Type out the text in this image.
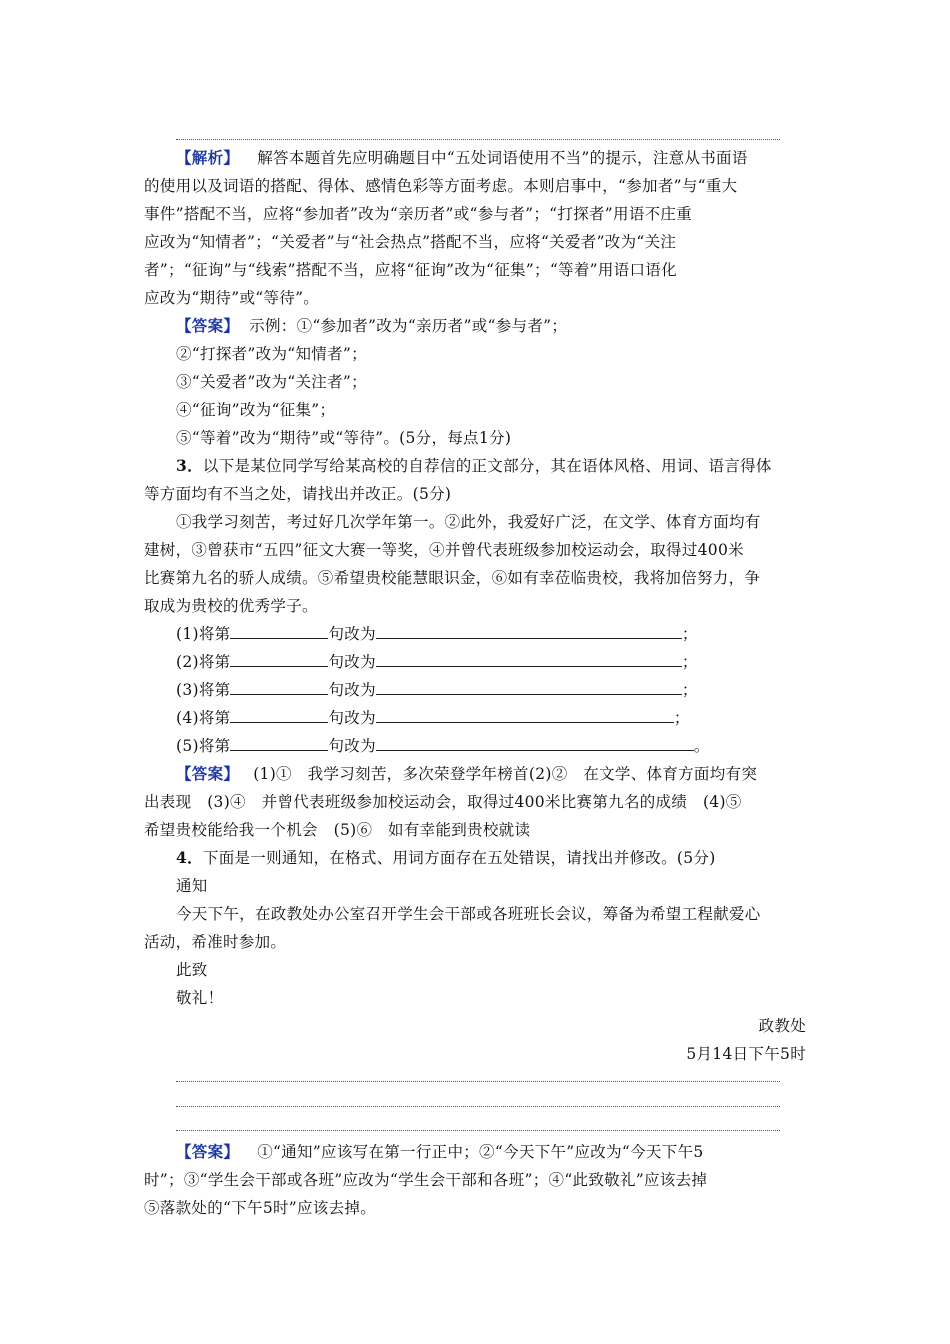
【解析】 解答本题首先应明确题目中“五处词语使用不当”的提示，注意从书面语
的使用以及词语的搭配、得体、感情色彩等方面考虑。本则启事中，“参加者”与“重大
事件”搭配不当，应将“参加者”改为“亲历者”或“参与者”；“打探者”用语不庄重
应改为“知情者”；“关爱者”与“社会热点”搭配不当，应将“关爱者”改为“关注
者”；“征询”与“线索”搭配不当，应将“征询”改为“征集”；“等着”用语口语化
应改为“期待”或“等待”。
【答案】 示例：①“参加者”改为“亲历者”或“参与者”；
②“打探者”改为“知情者”；
③“关爱者”改为“关注者”；
④“征询”改为“征集”；
⑤“等着”改为“期待”或“等待”。(5分，每点1分)
3．以下是某位同学写给某高校的自荐信的正文部分，其在语体风格、用词、语言得体
等方面均有不当之处，请找出并改正。(5分)
①我学习刻苦，考过好几次学年第一。②此外，我爱好广泛，在文学、体育方面均有
建树，③曾获市“五四”征文大赛一等奖，④并曾代表班级参加校运动会，取得过400米
比赛第九名的骄人成绩。⑤希望贵校能慧眼识金，⑥如有幸莅临贵校，我将加倍努力，争
取成为贵校的优秀学子。
(1)将第	句改为	；
(2)将第	句改为	；
(3)将第	句改为	；
(4)将第	句改为	；
(5)将第	句改为	。
【答案】 (1)①　我学习刻苦，多次荣登学年榜首(2)②　在文学、体育方面均有突
出表现　(3)④　并曾代表班级参加校运动会，取得过400米比赛第九名的成绩　(4)⑤
希望贵校能给我一个机会　(5)⑥　如有幸能到贵校就读
4．下面是一则通知，在格式、用词方面存在五处错误，请找出并修改。(5分)
通知
今天下午，在政教处办公室召开学生会干部或各班班长会议，筹备为希望工程献爱心
活动，希准时参加。
此致
敬礼！
政教处
5月14日下午5时
【答案】 ①“通知”应该写在第一行正中；②“今天下午”应改为“今天下午5
时”；③“学生会干部或各班”应改为“学生会干部和各班”；④“此致敬礼”应该去掉
⑤落款处的“下午5时”应该去掉。
